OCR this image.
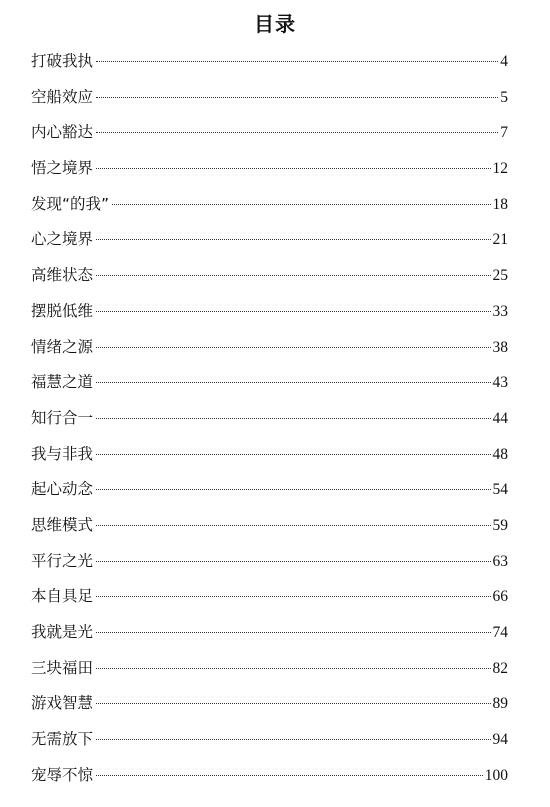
目录
打破我执	4
空船效应	5
内心豁达	7
悟之境界	12
发现“的我”	18
心之境界	21
高维状态	25
摆脱低维	33
情绪之源	38
福慧之道	43
知行合一	44
我与非我	48
起心动念	54
思维模式	59
平行之光	63
本自具足	66
我就是光	74
三块福田	82
游戏智慧	89
无需放下	94
宠辱不惊	100
